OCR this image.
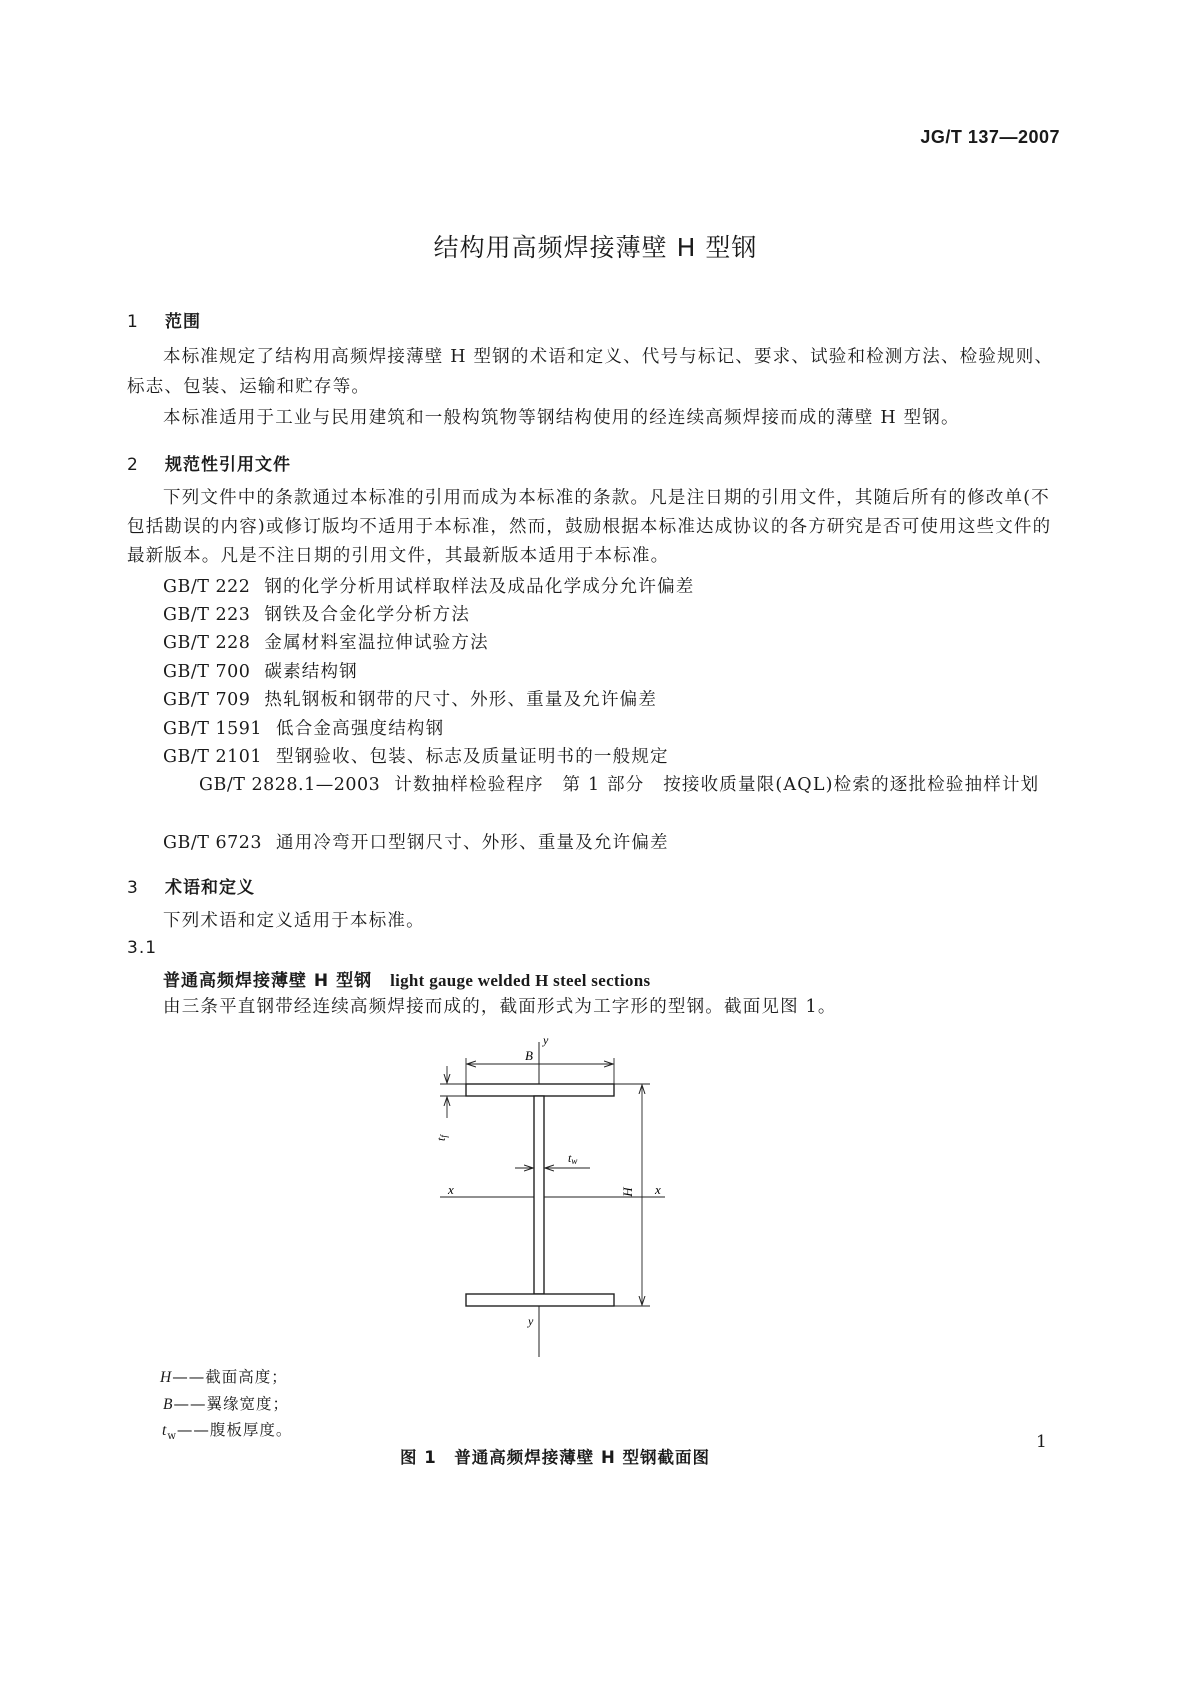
JG/T 137—2007
结构用高频焊接薄壁 H 型钢
1 范围
本标准规定了结构用高频焊接薄壁 H 型钢的术语和定义、代号与标记、要求、试验和检测方法、检验规则、标志、包装、运输和贮存等。
本标准适用于工业与民用建筑和一般构筑物等钢结构使用的经连续高频焊接而成的薄壁 H 型钢。
2 规范性引用文件
下列文件中的条款通过本标准的引用而成为本标准的条款。凡是注日期的引用文件，其随后所有的修改单(不包括勘误的内容)或修订版均不适用于本标准，然而，鼓励根据本标准达成协议的各方研究是否可使用这些文件的最新版本。凡是不注日期的引用文件，其最新版本适用于本标准。
GB/T 222 钢的化学分析用试样取样法及成品化学成分允许偏差
GB/T 223 钢铁及合金化学分析方法
GB/T 228 金属材料室温拉伸试验方法
GB/T 700 碳素结构钢
GB/T 709 热轧钢板和钢带的尺寸、外形、重量及允许偏差
GB/T 1591 低合金高强度结构钢
GB/T 2101 型钢验收、包装、标志及质量证明书的一般规定
GB/T 2828.1—2003 计数抽样检验程序　第 1 部分　按接收质量限(AQL)检索的逐批检验抽样计划
GB/T 6723 通用冷弯开口型钢尺寸、外形、重量及允许偏差
3 术语和定义
下列术语和定义适用于本标准。
3.1
普通高频焊接薄壁 H 型钢 light gauge welded H steel sections
由三条平直钢带经连续高频焊接而成的，截面形式为工字形的型钢。截面见图 1。
B
H
tf
tw
y
y
x	x
H——截面高度；
B——翼缘宽度；
$t_w——$腹板厚度。
图 1　普通高频焊接薄壁 H 型钢截面图
1
